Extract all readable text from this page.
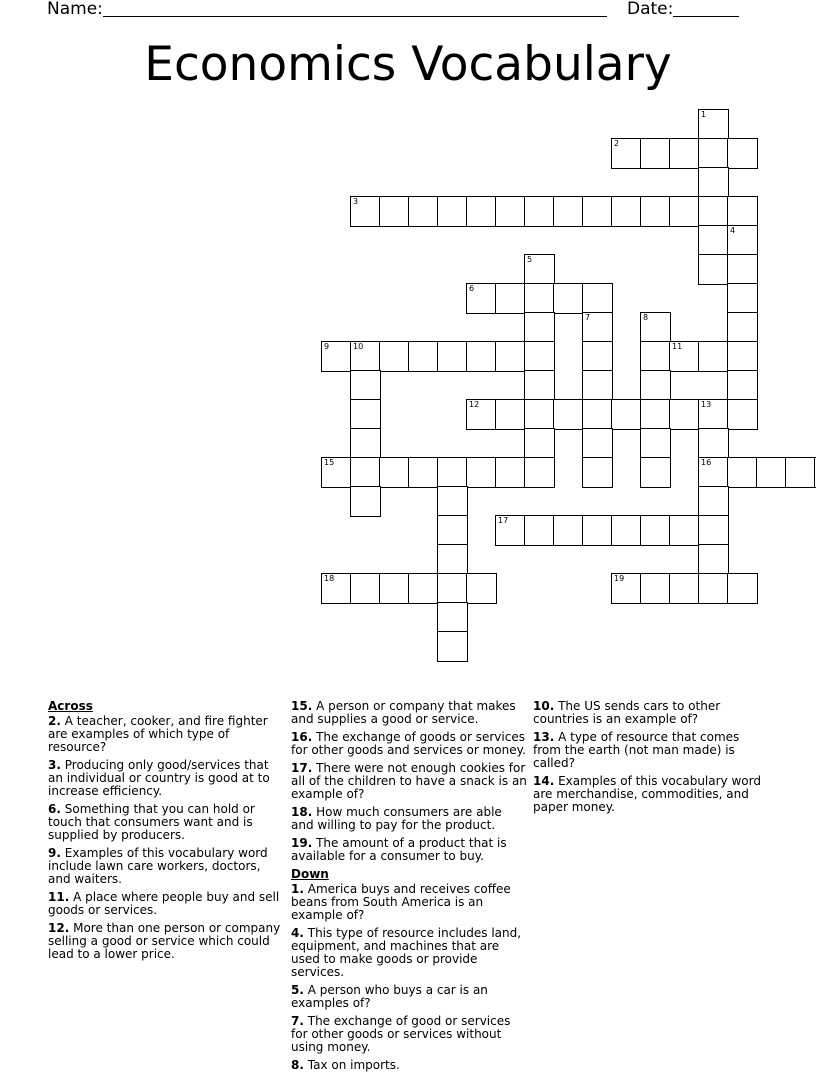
Name:	Date:
Economics Vocabulary
1
2
3
4
5
6
7	8
9	10	11
12	13
15	16
17
18	19

Across

2. A teacher, cooker, and fire fighter are examples of which type of resource?

3. Producing only good/services that an individual or country is good at to increase efficiency.

6. Something that you can hold or touch that consumers want and is supplied by producers.

9. Examples of this vocabulary word include lawn care workers, doctors, and waiters.

11. A place where people buy and sell goods or services.

12. More than one person or company selling a good or service which could lead to a lower price.

15. A person or company that makes and supplies a good or service.

16. The exchange of goods or services for other goods and services or money.

17. There were not enough cookies for all of the children to have a snack is an example of?

18. How much consumers are able and willing to pay for the product.

19. The amount of a product that is available for a consumer to buy.

Down

1. America buys and receives coffee beans from South America is an example of?

4. This type of resource includes land, equipment, and machines that are used to make goods or provide services.

5. A person who buys a car is an examples of?

7. The exchange of good or services for other goods or services without using money.

8. Tax on imports.

10. The US sends cars to other countries is an example of?

13. A type of resource that comes from the earth (not man made) is called?

14. Examples of this vocabulary word are merchandise, commodities, and paper money.
